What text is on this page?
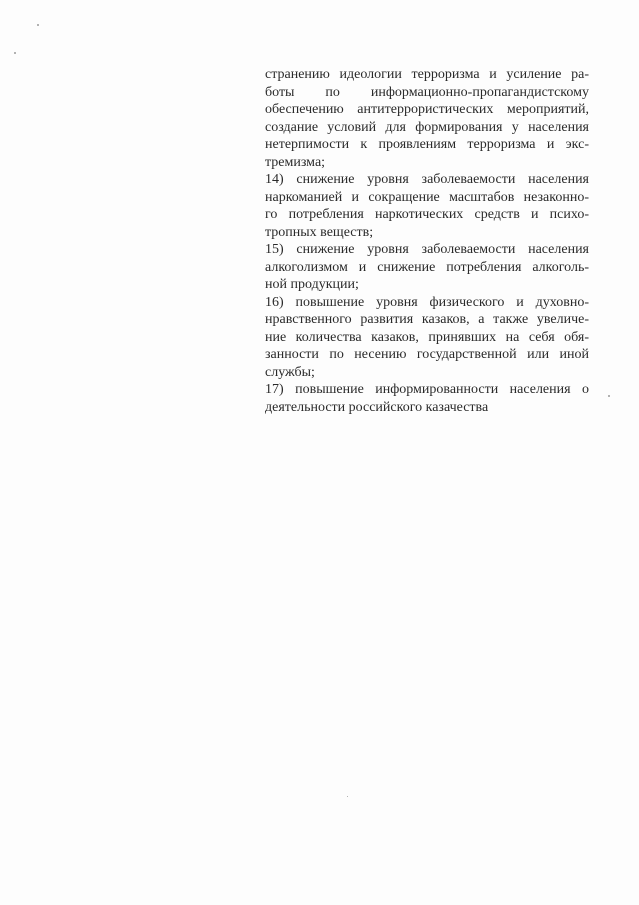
странению идеологии терроризма и усиление ра-
боты по информационно-пропагандистскому
обеспечению антитеррористических мероприятий,
создание условий для формирования у населения
нетерпимости к проявлениям терроризма и экс-
тремизма;
14) снижение уровня заболеваемости населения
наркоманией и сокращение масштабов незаконно-
го потребления наркотических средств и психо-
тропных веществ;
15) снижение уровня заболеваемости населения
алкоголизмом и снижение потребления алкоголь-
ной продукции;
16) повышение уровня физического и духовно-
нравственного развития казаков, а также увеличе-
ние количества казаков, принявших на себя обя-
занности по несению государственной или иной
службы;
17) повышение информированности населения о
деятельности российского казачества
